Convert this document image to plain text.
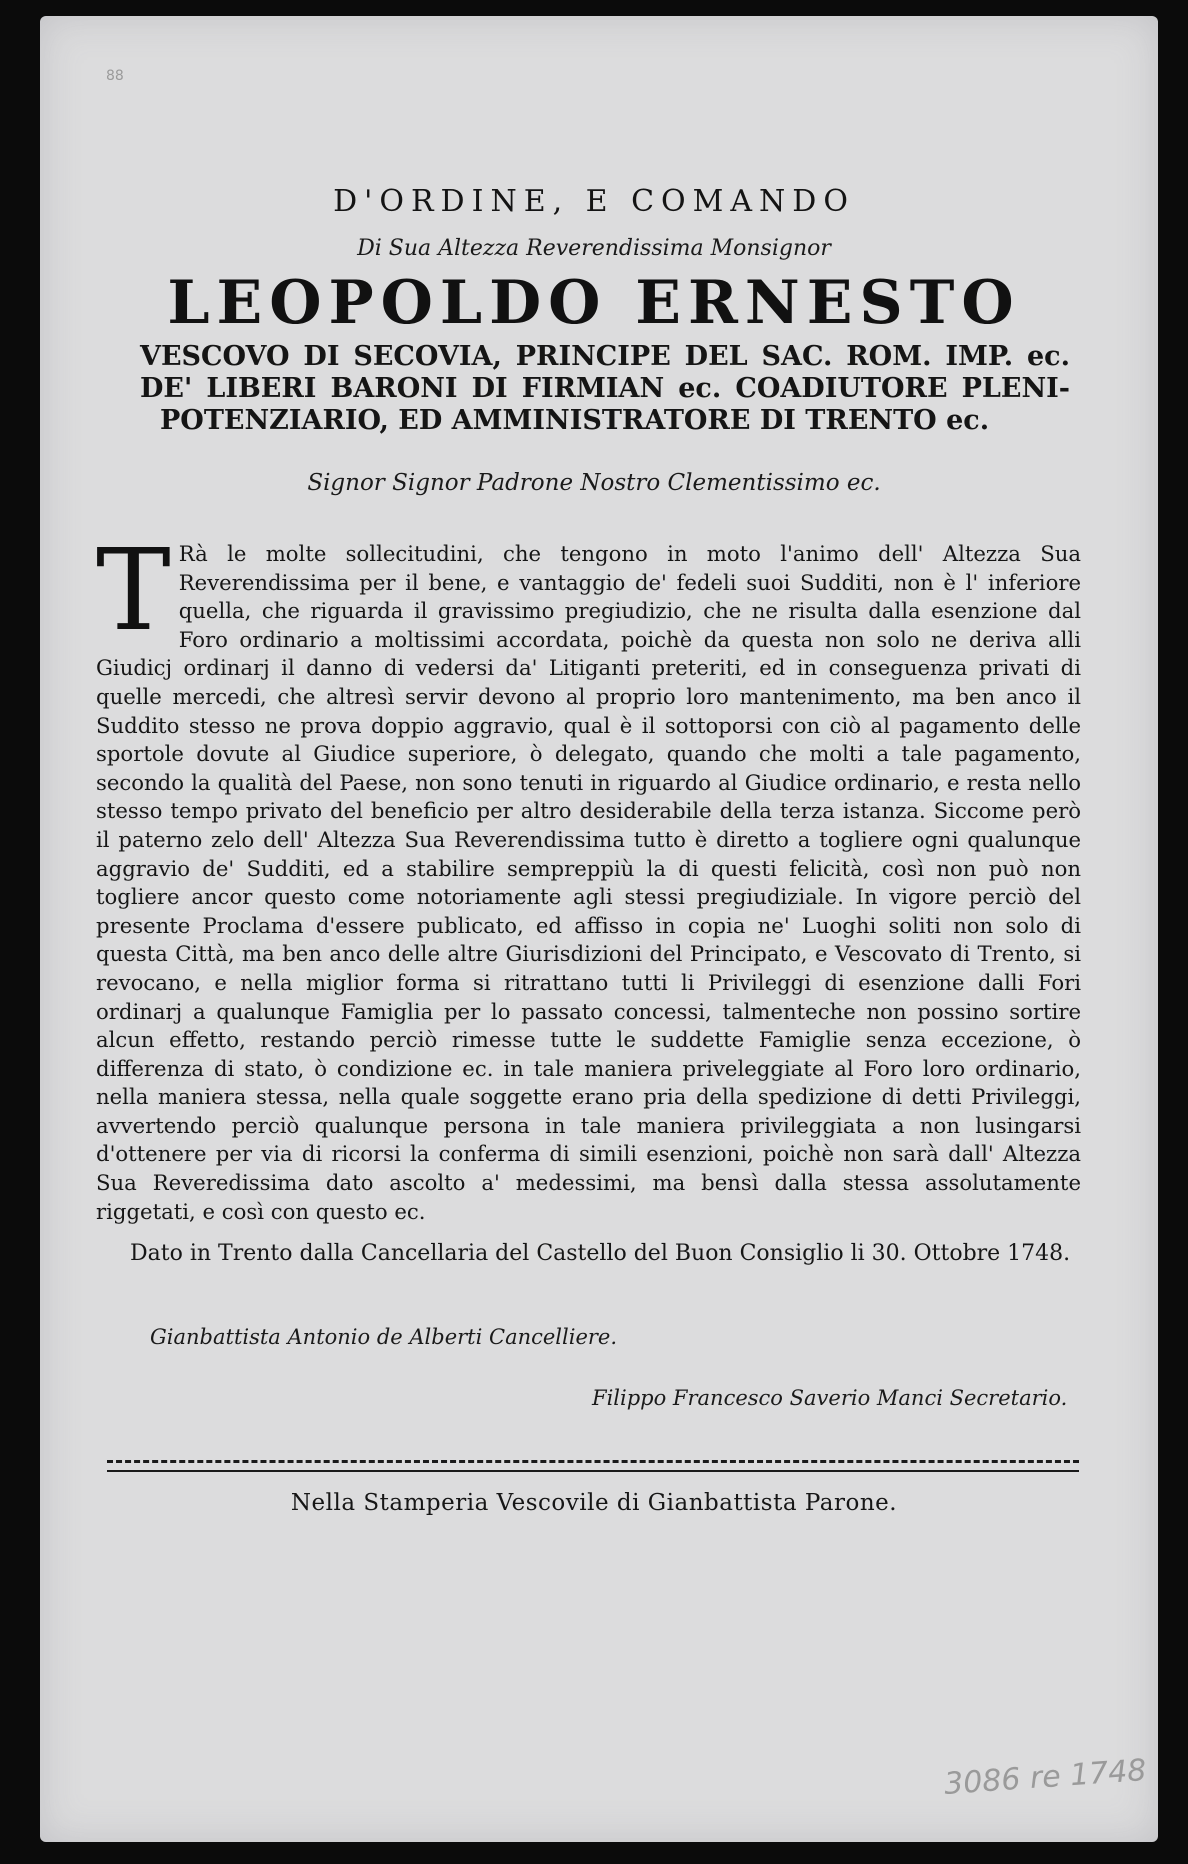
88
D'ORDINE, E COMANDO
Di Sua Altezza Reverendissima Monsignor
LEOPOLDO ERNESTO
VESCOVO DI SECOVIA, PRINCIPE DEL SAC. ROM. IMP. ec.
DE' LIBERI BARONI DI FIRMIAN ec. COADIUTORE PLENI-
POTENZIARIO, ED AMMINISTRATORE DI TRENTO ec.
Signor Signor Padrone Nostro Clementissimo ec.
T Rà le molte sollecitudini, che tengono in moto l'animo dell' Altezza Sua Reverendissima per il bene, e vantaggio de' fedeli suoi Sudditi, non è l' inferiore quella, che riguarda il gravissimo pregiudizio, che ne risulta dalla esenzione dal Foro ordinario a moltissimi accordata, poichè da questa non solo ne deriva alli Giudicj ordinarj il danno di vedersi da' Litiganti preteriti, ed in conseguenza privati di quelle mercedi, che altresì servir devono al proprio loro mantenimento, ma ben anco il Suddito stesso ne prova doppio aggravio, qual è il sottoporsi con ciò al pagamento delle sportole dovute al Giudice superiore, ò delegato, quando che molti a tale pagamento, secondo la qualità del Paese, non sono tenuti in riguardo al Giudice ordinario, e resta nello stesso tempo privato del beneficio per altro desiderabile della terza istanza. Siccome però il paterno zelo dell' Altezza Sua Reverendissima tutto è diretto a togliere ogni qualunque aggravio de' Sudditi, ed a stabilire sempreppiù la di questi felicità, così non può non togliere ancor questo come notoriamente agli stessi pregiudiziale. In vigore perciò del presente Proclama d'essere publicato, ed affisso in copia ne' Luoghi soliti non solo di questa Città, ma ben anco delle altre Giurisdizioni del Principato, e Vescovato di Trento, si revocano, e nella miglior forma si ritrattano tutti li Privileggi di esenzione dalli Fori ordinarj a qualunque Famiglia per lo passato concessi, talmenteche non possino sortire alcun effetto, restando perciò rimesse tutte le suddette Famiglie senza eccezione, ò differenza di stato, ò condizione ec. in tale maniera priveleggiate al Foro loro ordinario, nella maniera stessa, nella quale soggette erano pria della spedizione di detti Privileggi, avvertendo perciò qualunque persona in tale maniera privileggiata a non lusingarsi d'ottenere per via di ricorsi la conferma di simili esenzioni, poichè non sarà dall' Altezza Sua Reveredissima dato ascolto a' medessimi, ma bensì dalla stessa assolutamente riggetati, e così con questo ec.
Dato in Trento dalla Cancellaria del Castello del Buon Consiglio li 30. Ottobre 1748.
Gianbattista Antonio de Alberti Cancelliere.
Filippo Francesco Saverio Manci Secretario.
Nella Stamperia Vescovile di Gianbattista Parone.
3086 re 1748
